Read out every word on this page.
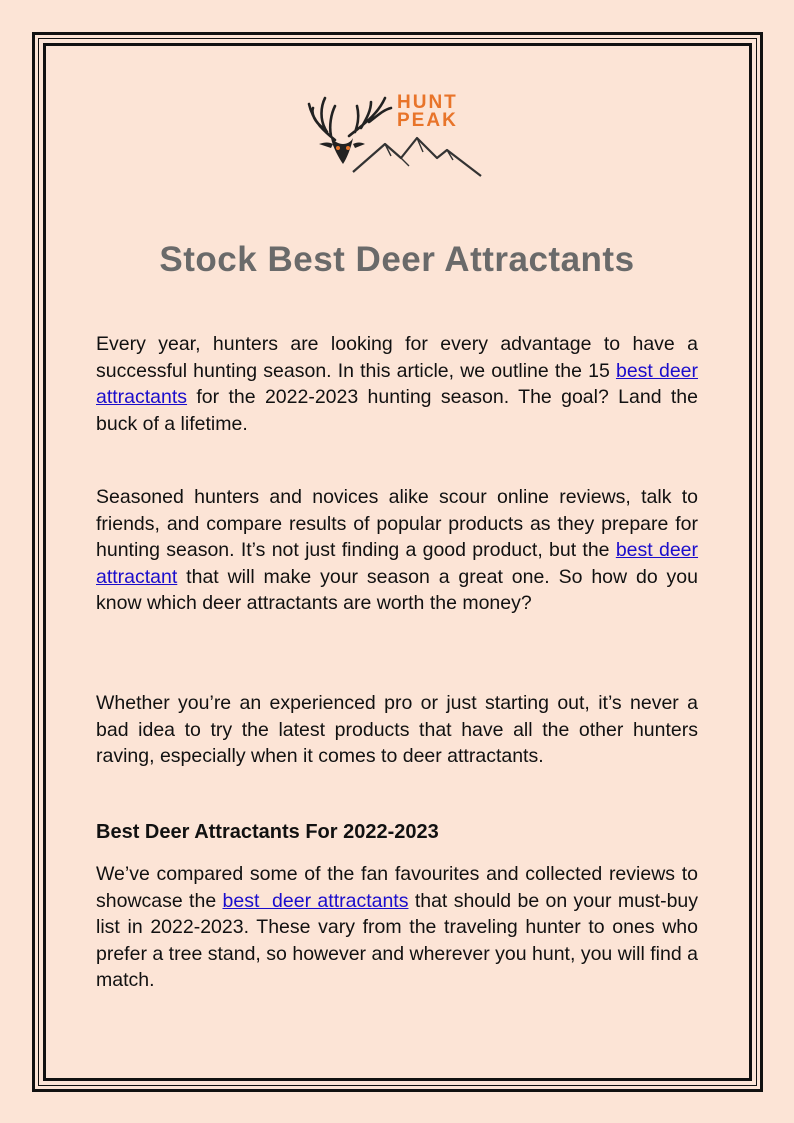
HUNT
PEAK
Stock Best Deer Attractants

Every year, hunters are looking for every advantage to have a successful hunting season. In this article, we outline the 15 best deer attractants for the 2022-2023 hunting season. The goal? Land the buck of a lifetime.

Seasoned hunters and novices alike scour online reviews, talk to friends, and compare results of popular products as they prepare for hunting season. It’s not just finding a good product, but the best deer attractant that will make your season a great one. So how do you know which deer attractants are worth the money?

Whether you’re an experienced pro or just starting out, it’s never a bad idea to try the latest products that have all the other hunters raving, especially when it comes to deer attractants.

Best Deer Attractants For 2022-2023

We’ve compared some of the fan favourites and collected reviews to showcase the best  deer attractants that should be on your must-buy list in 2022-2023. These vary from the traveling hunter to ones who prefer a tree stand, so however and wherever you hunt, you will find a match.
